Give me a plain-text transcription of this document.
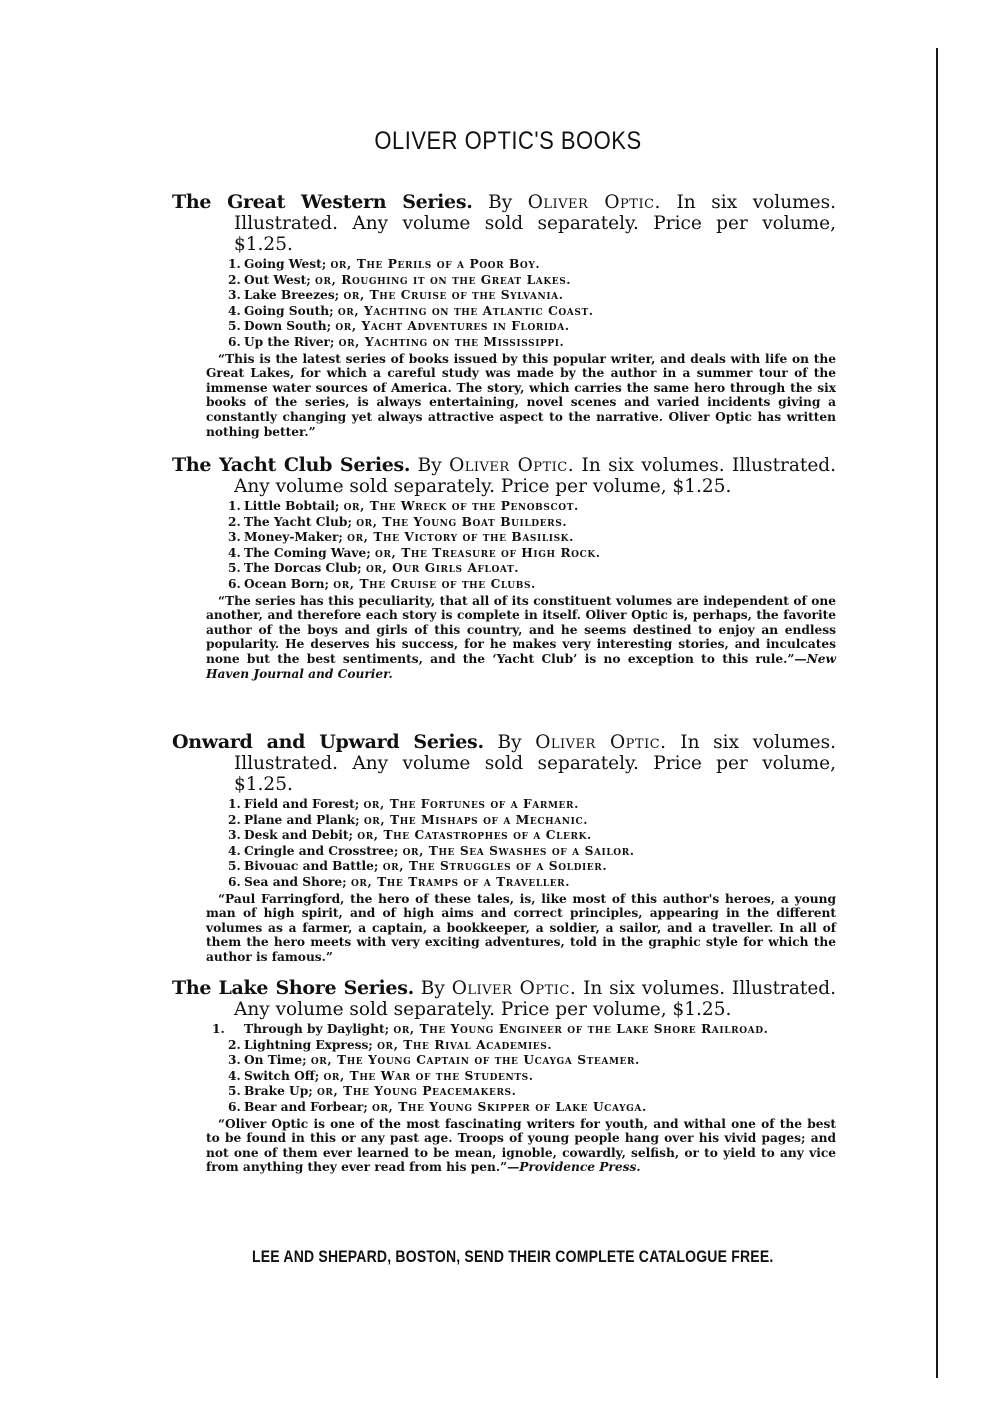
OLIVER OPTIC'S BOOKS
The Great Western Series. By Oliver Optic. In six volumes. Illustrated. Any volume sold separately. Price per volume, $1.25.
1. Going West; or, The Perils of a Poor Boy.
2. Out West; or, Roughing it on the Great Lakes.
3. Lake Breezes; or, The Cruise of the Sylvania.
4. Going South; or, Yachting on the Atlantic Coast.
5. Down South; or, Yacht Adventures in Florida.
6. Up the River; or, Yachting on the Mississippi.

“This is the latest series of books issued by this popular writer, and deals with life on the Great Lakes, for which a careful study was made by the author in a summer tour of the immense water sources of America. The story, which carries the same hero through the six books of the series, is always entertaining, novel scenes and varied incidents giving a constantly changing yet always attractive aspect to the narrative. Oliver Optic has written nothing better.”

The Yacht Club Series. By Oliver Optic. In six volumes. Illustrated. Any volume sold separately. Price per volume, $1.25.
1. Little Bobtail; or, The Wreck of the Penobscot.
2. The Yacht Club; or, The Young Boat Builders.
3. Money-Maker; or, The Victory of the Basilisk.
4. The Coming Wave; or, The Treasure of High Rock.
5. The Dorcas Club; or, Our Girls Afloat.
6. Ocean Born; or, The Cruise of the Clubs.

“The series has this peculiarity, that all of its constituent volumes are independent of one another, and therefore each story is complete in itself. Oliver Optic is, perhaps, the favorite author of the boys and girls of this country, and he seems destined to enjoy an endless popularity. He deserves his success, for he makes very interesting stories, and inculcates none but the best sentiments, and the ‘Yacht Club’ is no exception to this rule.”—New Haven Journal and Courier.

Onward and Upward Series. By Oliver Optic. In six volumes. Illustrated. Any volume sold separately. Price per volume, $1.25.
1. Field and Forest; or, The Fortunes of a Farmer.
2. Plane and Plank; or, The Mishaps of a Mechanic.
3. Desk and Debit; or, The Catastrophes of a Clerk.
4. Cringle and Crosstree; or, The Sea Swashes of a Sailor.
5. Bivouac and Battle; or, The Struggles of a Soldier.
6. Sea and Shore; or, The Tramps of a Traveller.

“Paul Farringford, the hero of these tales, is, like most of this author's heroes, a young man of high spirit, and of high aims and correct principles, appearing in the different volumes as a farmer, a captain, a bookkeeper, a soldier, a sailor, and a traveller. In all of them the hero meets with very exciting adventures, told in the graphic style for which the author is famous.”

The Lake Shore Series. By Oliver Optic. In six volumes. Illustrated. Any volume sold separately. Price per volume, $1.25.
1. Through by Daylight; or, The Young Engineer of the Lake Shore Railroad.
2. Lightning Express; or, The Rival Academies.
3. On Time; or, The Young Captain of the Ucayga Steamer.
4. Switch Off; or, The War of the Students.
5. Brake Up; or, The Young Peacemakers.
6. Bear and Forbear; or, The Young Skipper of Lake Ucayga.

“Oliver Optic is one of the most fascinating writers for youth, and withal one of the best to be found in this or any past age. Troops of young people hang over his vivid pages; and not one of them ever learned to be mean, ignoble, cowardly, selfish, or to yield to any vice from anything they ever read from his pen.”—Providence Press.

LEE AND SHEPARD, BOSTON, SEND THEIR COMPLETE CATALOGUE FREE.
